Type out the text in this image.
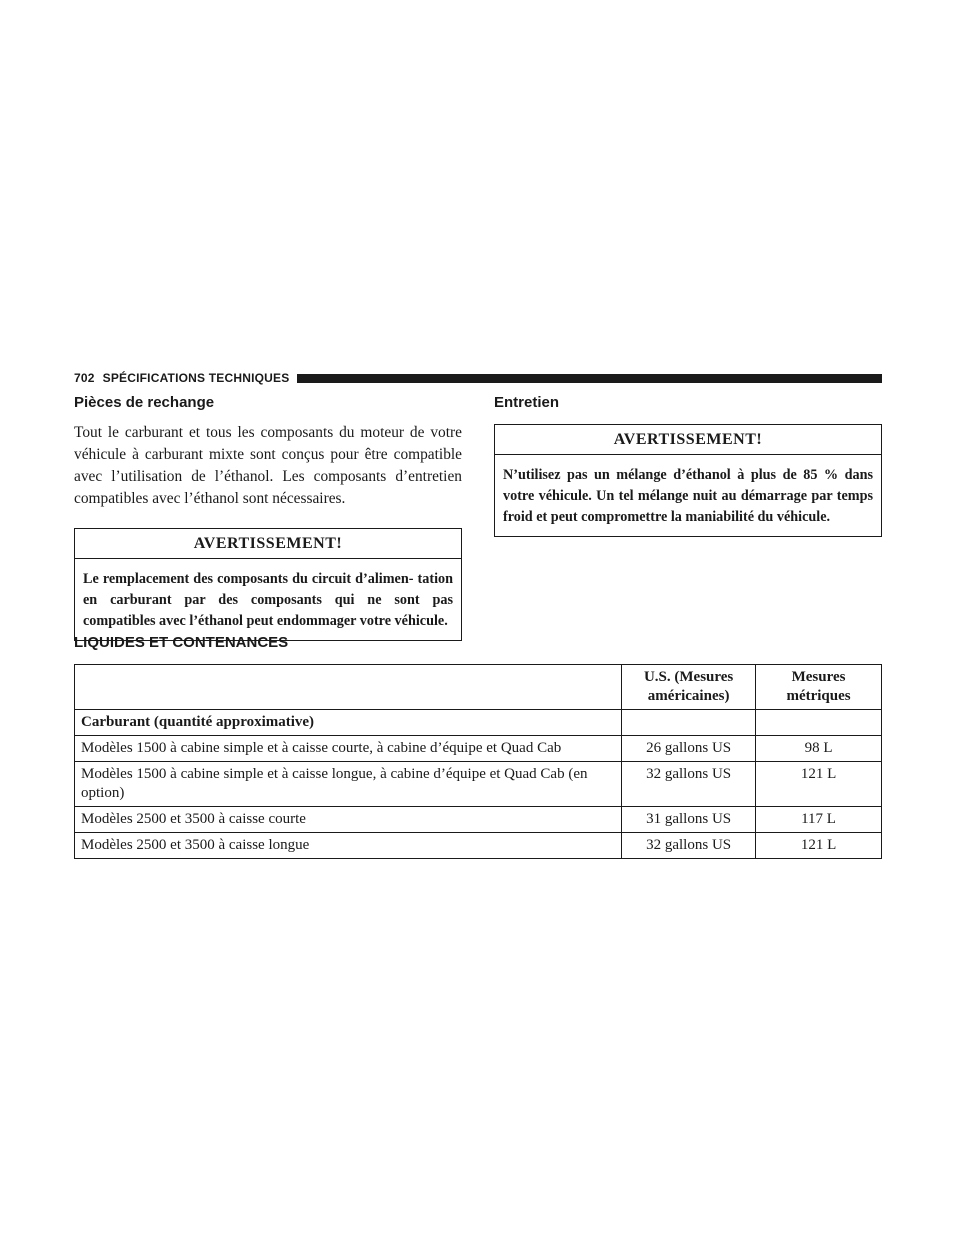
702 SPÉCIFICATIONS TECHNIQUES
Pièces de rechange

Tout le carburant et tous les composants du moteur de votre véhicule à carburant mixte sont conçus pour être compatible avec l’utilisation de l’éthanol. Les composants d’entretien compatibles avec l’éthanol sont nécessaires.

AVERTISSEMENT!
Le remplacement des composants du circuit d’alimen- tation en carburant par des composants qui ne sont pas compatibles avec l’éthanol peut endommager votre véhicule.
Entretien
AVERTISSEMENT!
N’utilisez pas un mélange d’éthanol à plus de 85 % dans votre véhicule. Un tel mélange nuit au démarrage par temps froid et peut compromettre la maniabilité du véhicule.
LIQUIDES ET CONTENANCES
	U.S. (Mesures américaines)	Mesures métriques
Carburant (quantité approximative)		
Modèles 1500 à cabine simple et à caisse courte, à cabine d’équipe et Quad Cab	26 gallons US	98 L
Modèles 1500 à cabine simple et à caisse longue, à cabine d’équipe et Quad Cab (en option)	32 gallons US	121 L
Modèles 2500 et 3500 à caisse courte	31 gallons US	117 L
Modèles 2500 et 3500 à caisse longue	32 gallons US	121 L
